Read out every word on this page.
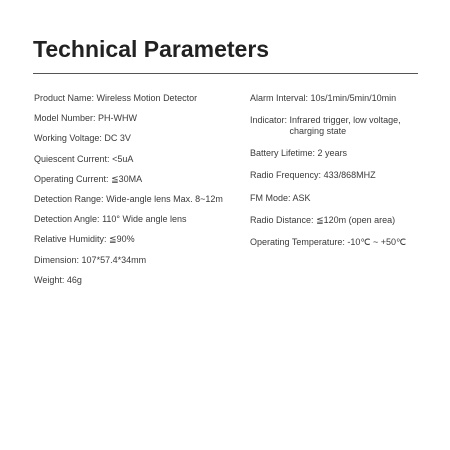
Technical Parameters
Product Name: Wireless Motion Detector
Model Number: PH-WHW
Working Voltage: DC 3V
Quiescent Current: <5uA
Operating Current: ≦30MA
Detection Range: Wide-angle lens Max. 8~12m
Detection Angle: 110° Wide angle lens
Relative Humidity: ≦90%
Dimension: 107*57.4*34mm
Weight: 46g
Alarm Interval: 10s/1min/5min/10min
Indicator:
Infrared trigger, low voltage,
charging state
Battery Lifetime: 2 years
Radio Frequency: 433/868MHZ
FM Mode: ASK
Radio Distance: ≦120m (open area)
Operating Temperature: -10℃ ~ +50℃
